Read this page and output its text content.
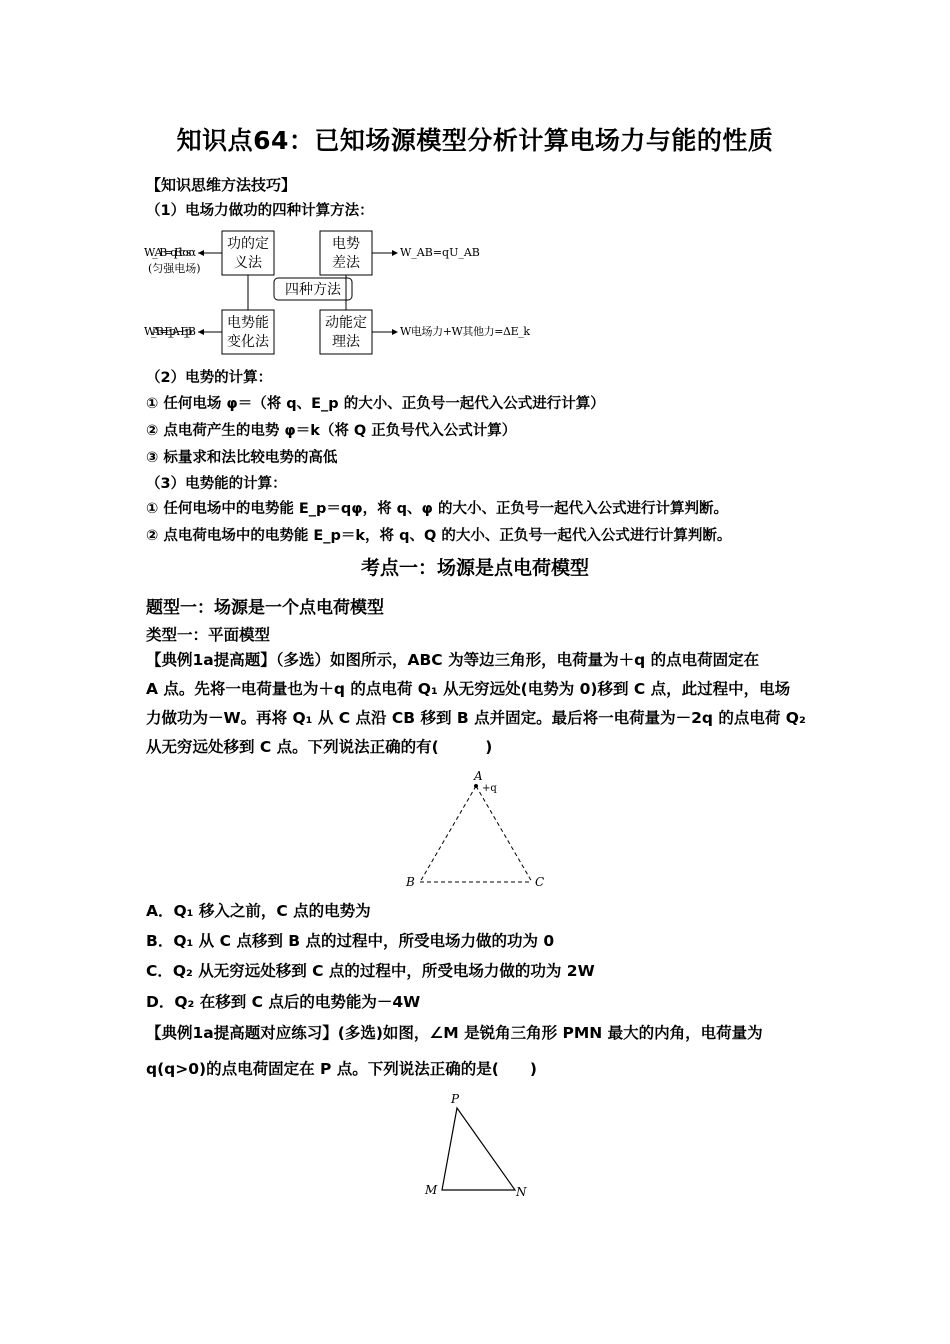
知识点64：已知场源模型分析计算电场力与能的性质
【知识思维方法技巧】
（1）电场力做功的四种计算方法：
功的定
义法
电势
差法
电势能
变化法
动能定
理法
四种方法
W_AB=qElcos α
(匀强电场)
W_AB=qU_AB
W_AB=E_pA−E_pB	W电场力+W其他力=ΔE_k
（2）电势的计算：
① 任何电场 φ＝（将 q、E_p 的大小、正负号一起代入公式进行计算）
② 点电荷产生的电势 φ＝k（将 Q 正负号代入公式计算）
③ 标量求和法比较电势的高低
（3）电势能的计算：
① 任何电场中的电势能 E_p＝qφ，将 q、φ 的大小、正负号一起代入公式进行计算判断。
② 点电荷电场中的电势能 E_p＝k，将 q、Q 的大小、正负号一起代入公式进行计算判断。
考点一：场源是点电荷模型
题型一：场源是一个点电荷模型
类型一：平面模型
【典例1a提高题】（多选）如图所示，ABC 为等边三角形，电荷量为＋q 的点电荷固定在
A 点。先将一电荷量也为＋q 的点电荷 Q₁ 从无穷远处(电势为 0)移到 C 点，此过程中，电场
力做功为－W。再将 Q₁ 从 C 点沿 CB 移到 B 点并固定。最后将一电荷量为－2q 的点电荷 Q₂
从无穷远处移到 C 点。下列说法正确的有(　　　)
A
+q
B	C
A．Q₁ 移入之前，C 点的电势为
B．Q₁ 从 C 点移到 B 点的过程中，所受电场力做的功为 0
C．Q₂ 从无穷远处移到 C 点的过程中，所受电场力做的功为 2W
D．Q₂ 在移到 C 点后的电势能为－4W
【典例1a提高题对应练习】(多选)如图，∠M 是锐角三角形 PMN 最大的内角，电荷量为
q(q>0)的点电荷固定在 P 点。下列说法正确的是(　　)
P
M	N
